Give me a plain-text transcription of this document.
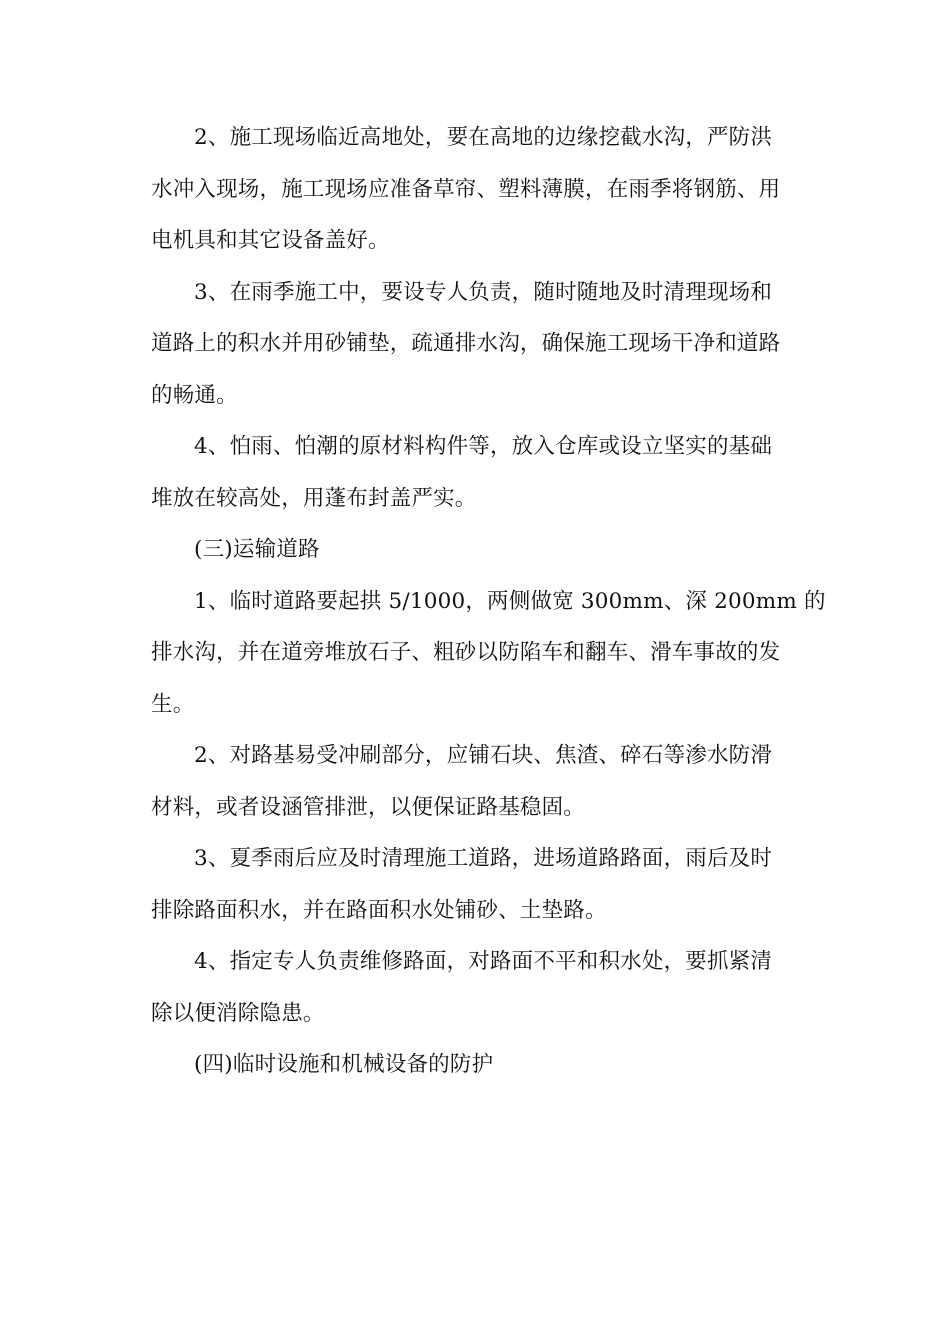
2、施工现场临近高地处，要在高地的边缘挖截水沟，严防洪
水冲入现场，施工现场应准备草帘、塑料薄膜，在雨季将钢筋、用
电机具和其它设备盖好。

3、在雨季施工中，要设专人负责，随时随地及时清理现场和
道路上的积水并用砂铺垫，疏通排水沟，确保施工现场干净和道路
的畅通。

4、怕雨、怕潮的原材料构件等，放入仓库或设立坚实的基础
堆放在较高处，用蓬布封盖严实。

(三)运输道路

1、临时道路要起拱 5/1000，两侧做宽 300mm、深 200mm 的
排水沟，并在道旁堆放石子、粗砂以防陷车和翻车、滑车事故的发
生。

2、对路基易受冲刷部分，应铺石块、焦渣、碎石等渗水防滑
材料，或者设涵管排泄，以便保证路基稳固。

3、夏季雨后应及时清理施工道路，进场道路路面，雨后及时
排除路面积水，并在路面积水处铺砂、土垫路。

4、指定专人负责维修路面，对路面不平和积水处，要抓紧清
除以便消除隐患。

(四)临时设施和机械设备的防护
